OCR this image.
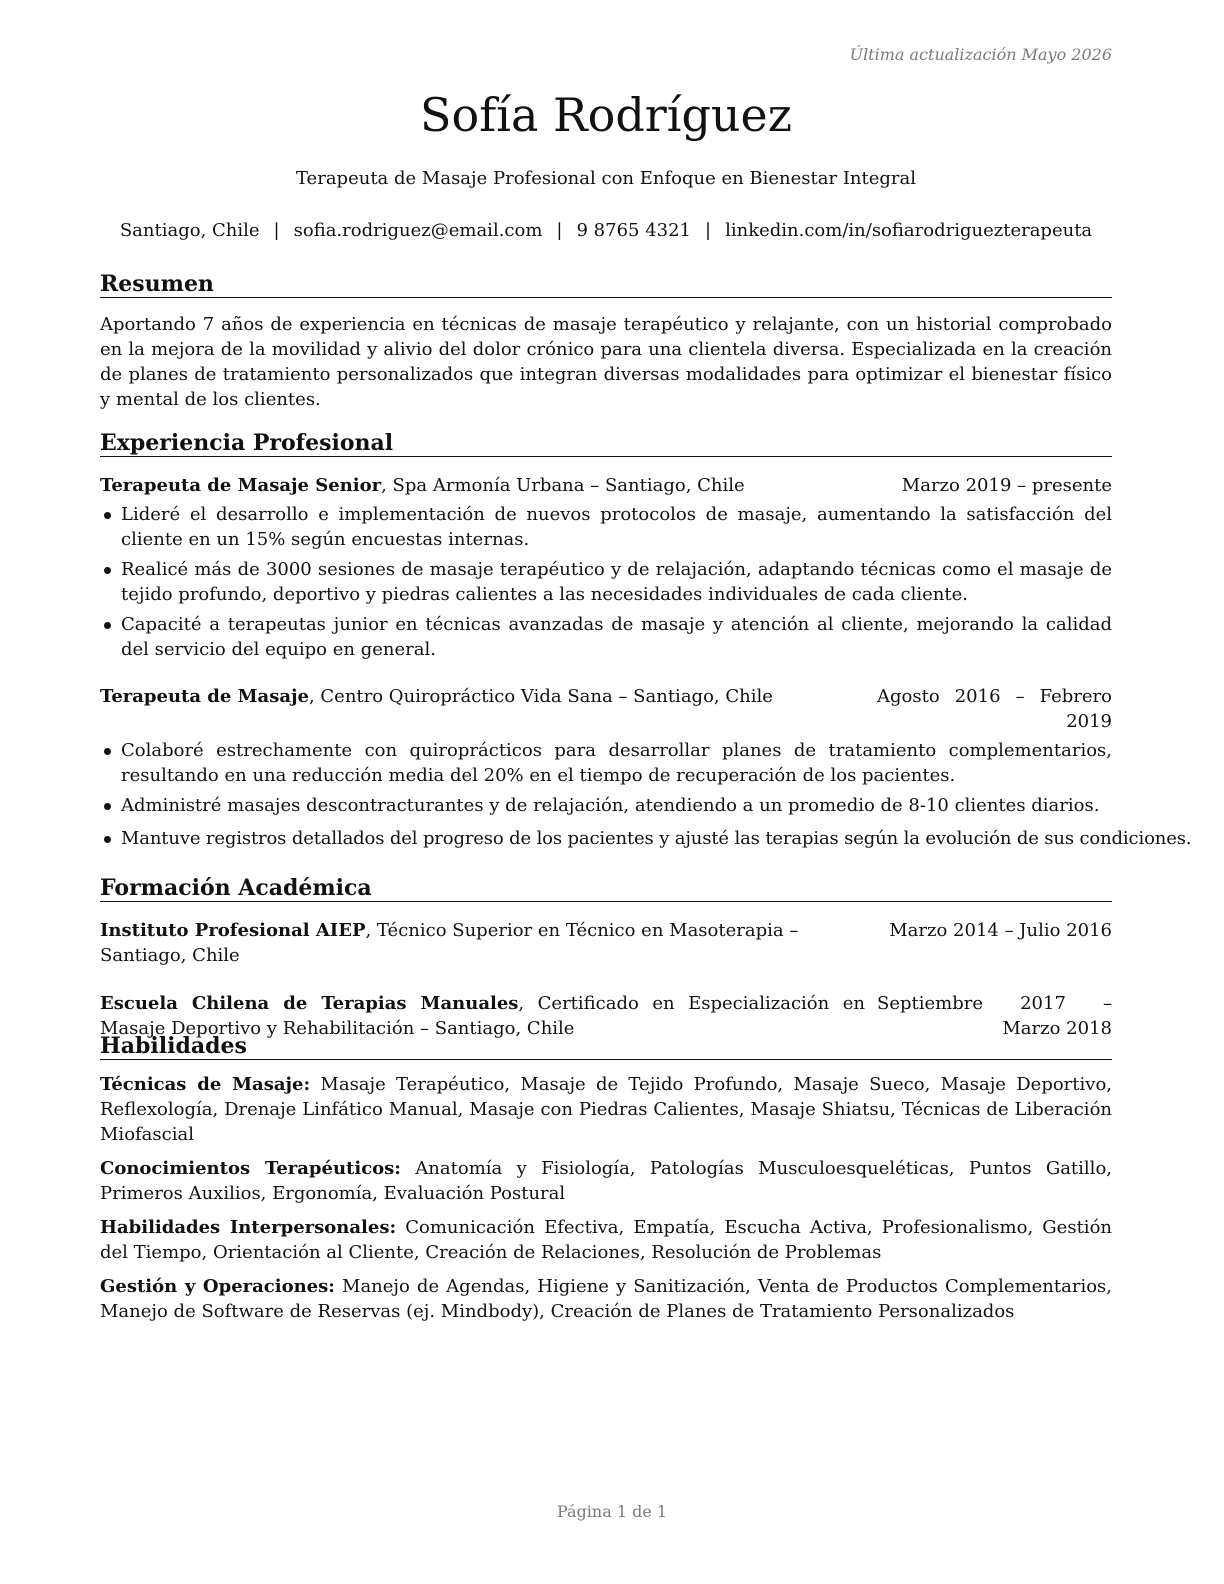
Última actualización Mayo 2026
Sofía Rodríguez
Terapeuta de Masaje Profesional con Enfoque en Bienestar Integral
Santiago, Chile | sofia.rodriguez@email.com | 9 8765 4321 | linkedin.com/in/sofiarodriguezterapeuta
Resumen
Aportando 7 años de experiencia en técnicas de masaje terapéutico y relajante, con un historial comprobado en la mejora de la movilidad y alivio del dolor crónico para una clientela diversa. Especializada en la creación de planes de tratamiento personalizados que integran diversas modalidades para optimizar el bienestar físico y mental de los clientes.
Experiencia Profesional
Terapeuta de Masaje Senior, Spa Armonía Urbana – Santiago, Chile	Marzo 2019 – presente
Lideré el desarrollo e implementación de nuevos protocolos de masaje, aumentando la satisfacción del cliente en un 15% según encuestas internas.
Realicé más de 3000 sesiones de masaje terapéutico y de relajación, adaptando técnicas como el masaje de tejido profundo, deportivo y piedras calientes a las necesidades individuales de cada cliente.
Capacité a terapeutas junior en técnicas avanzadas de masaje y atención al cliente, mejorando la calidad del servicio del equipo en general.
Terapeuta de Masaje, Centro Quiropráctico Vida Sana – Santiago, Chile	Agosto 2016 – Febrero 2019
Colaboré estrechamente con quiroprácticos para desarrollar planes de tratamiento complementarios, resultando en una reducción media del 20% en el tiempo de recuperación de los pacientes.
Administré masajes descontracturantes y de relajación, atendiendo a un promedio de 8-10 clientes diarios.
Mantuve registros detallados del progreso de los pacientes y ajusté las terapias según la evolución de sus condiciones.
Formación Académica
Instituto Profesional AIEP, Técnico Superior en Técnico en Masoterapia – Santiago, Chile
Marzo 2014 – Julio 2016
Escuela Chilena de Terapias Manuales, Certificado en Especialización en Masaje Deportivo y Rehabilitación – Santiago, Chile
Septiembre 2017 – Marzo 2018
Habilidades

Técnicas de Masaje: Masaje Terapéutico, Masaje de Tejido Profundo, Masaje Sueco, Masaje Deportivo, Reflexología, Drenaje Linfático Manual, Masaje con Piedras Calientes, Masaje Shiatsu, Técnicas de Liberación Miofascial

Conocimientos Terapéuticos: Anatomía y Fisiología, Patologías Musculoesqueléticas, Puntos Gatillo, Primeros Auxilios, Ergonomía, Evaluación Postural

Habilidades Interpersonales: Comunicación Efectiva, Empatía, Escucha Activa, Profesionalismo, Gestión del Tiempo, Orientación al Cliente, Creación de Relaciones, Resolución de Problemas

Gestión y Operaciones: Manejo de Agendas, Higiene y Sanitización, Venta de Productos Complementarios, Manejo de Software de Reservas (ej. Mindbody), Creación de Planes de Tratamiento Personalizados

Página 1 de 1
